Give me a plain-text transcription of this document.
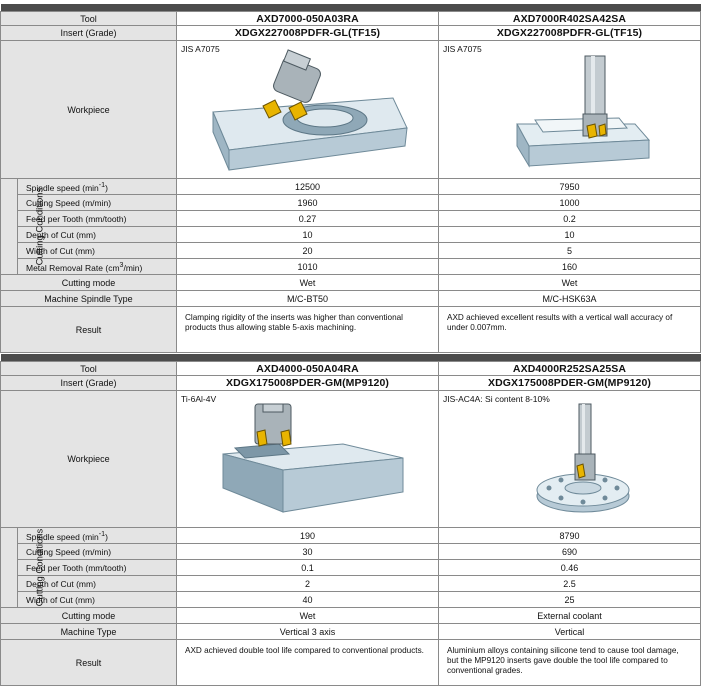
Tool		AXD7000-050A03RA	AXD7000R402SA42SA
Insert (Grade)		XDGX227008PDFR-GL(TF15)	XDGX227008PDFR-GL(TF15)
Workpiece		JIS A7075	JIS A7075

Cutting Conditions	Spindle speed $(\min^{-1})$	12500	7950
	Cutting Speed (m/min)	1960	1000
	Feed per Tooth (mm/tooth)	0.27	0.2
	Depth of Cut (mm)	10	10
	Width of Cut (mm)	20	5
	Metal Removal Rate $(cm^3/\min)$	1010	160
Cutting mode		Wet	Wet
Machine Spindle Type		M/C-BT50	M/C-HSK63A
Result		Clamping rigidity of the inserts was higher than conventional products thus allowing stable 5-axis machining.	AXD achieved excellent results with a vertical wall accuracy of under 0.007mm.

Tool		AXD4000-050A04RA	AXD4000R252SA25SA
Insert (Grade)		XDGX175008PDER-GM(MP9120)	XDGX175008PDER-GM(MP9120)
Workpiece		Ti-6Al-4V	JIS-AC4A: Si content 8-10%

Cutting Conditions	Spindle speed $(\min^{-1})$	190	8790
	Cutting Speed (m/min)	30	690
	Feed per Tooth (mm/tooth)	0.1	0.46
	Depth of Cut (mm)	2	2.5
	Width of Cut (mm)	40	25
Cutting mode		Wet	External coolant
Machine Type		Vertical 3 axis	Vertical
Result		AXD achieved double tool life compared to conventional products.	Aluminium alloys containing silicone tend to cause tool damage, but the MP9120 inserts gave double the tool life compared to conventional grades.
